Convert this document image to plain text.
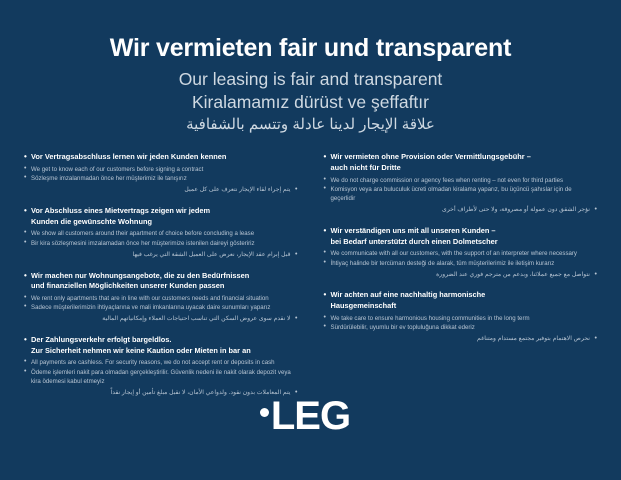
Wir vermieten fair und transparent
Our leasing is fair and transparent
Kiralamamız dürüst ve şeffaftır
علاقة الإيجار لدينا عادلة وتتسم بالشفافية
• Vor Vertragsabschluss lernen wir jeden Kunden kennen
• We get to know each of our customers before signing a contract
• Sözleşme imzalanmadan önce her müşterimiz ile tanışırız
• يتم إجراء لقاء الإيجار نتعرف على كل عميل
• Vor Abschluss eines Mietvertrags zeigen wir jedem
Kunden die gewünschte Wohnung
• We show all customers around their apartment of choice before concluding a lease
• Bir kira sözleşmesini imzalamadan önce her müşterimize istenilen daireyi gösteririz
• قبل إبرام عقد الإيجار، نعرض على العميل الشقة التي يرغب فيها
• Wir machen nur Wohnungsangebote, die zu den Bedürfnissen
und finanziellen Möglichkeiten unserer Kunden passen
• We rent only apartments that are in line with our customers needs and financial situation
• Sadece müşterilerimizin ihtiyaçlarına ve mali imkanlarına uyacak daire sunumları yaparız
• لا نقدم سوى عروض السكن التي تناسب احتياجات العملاء وإمكانياتهم المالية
• Der Zahlungsverkehr erfolgt bargeldlos.
Zur Sicherheit nehmen wir keine Kaution oder Mieten in bar an
• All payments are cashless. For security reasons, we do not accept rent or deposits in cash
• Ödeme işlemleri nakit para olmadan gerçekleştirilir. Güvenlik nedeni ile nakit olarak depozit veya kira ödemesi kabul etmeyiz
• يتم المعاملات بدون نقود. ولدواعي الأمان، لا نقبل مبلغ تأمين أو إيجار نقداً
• Wir vermieten ohne Provision oder Vermittlungsgebühr –
auch nicht für Dritte
• We do not charge commission or agency fees when renting – not even for third parties
• Komisyon veya ara buluculuk ücreti olmadan kiralama yaparız, bu üçüncü şahıslar için de geçerlidir
• نؤجر الشقق دون عمولة أو مصروفة، ولا حتى لأطراف أخرى
• Wir verständigen uns mit all unseren Kunden –
bei Bedarf unterstützt durch einen Dolmetscher
• We communicate with all our customers, with the support of an interpreter where necessary
• İhtiyaç halinde bir tercüman desteği de alarak, tüm müşterilerimiz ile iletişim kurarız
• نتواصل مع جميع عملائنا، وبدعم من مترجم فوري عند الضرورة
• Wir achten auf eine nachhaltig harmonische
Hausgemeinschaft
• We take care to ensure harmonious housing communities in the long term
• Sürdürülebilir, uyumlu bir ev topluluğuna dikkat ederiz
• نحرص الاهتمام بتوفير مجتمع مستدام ومتناغم
LEG
